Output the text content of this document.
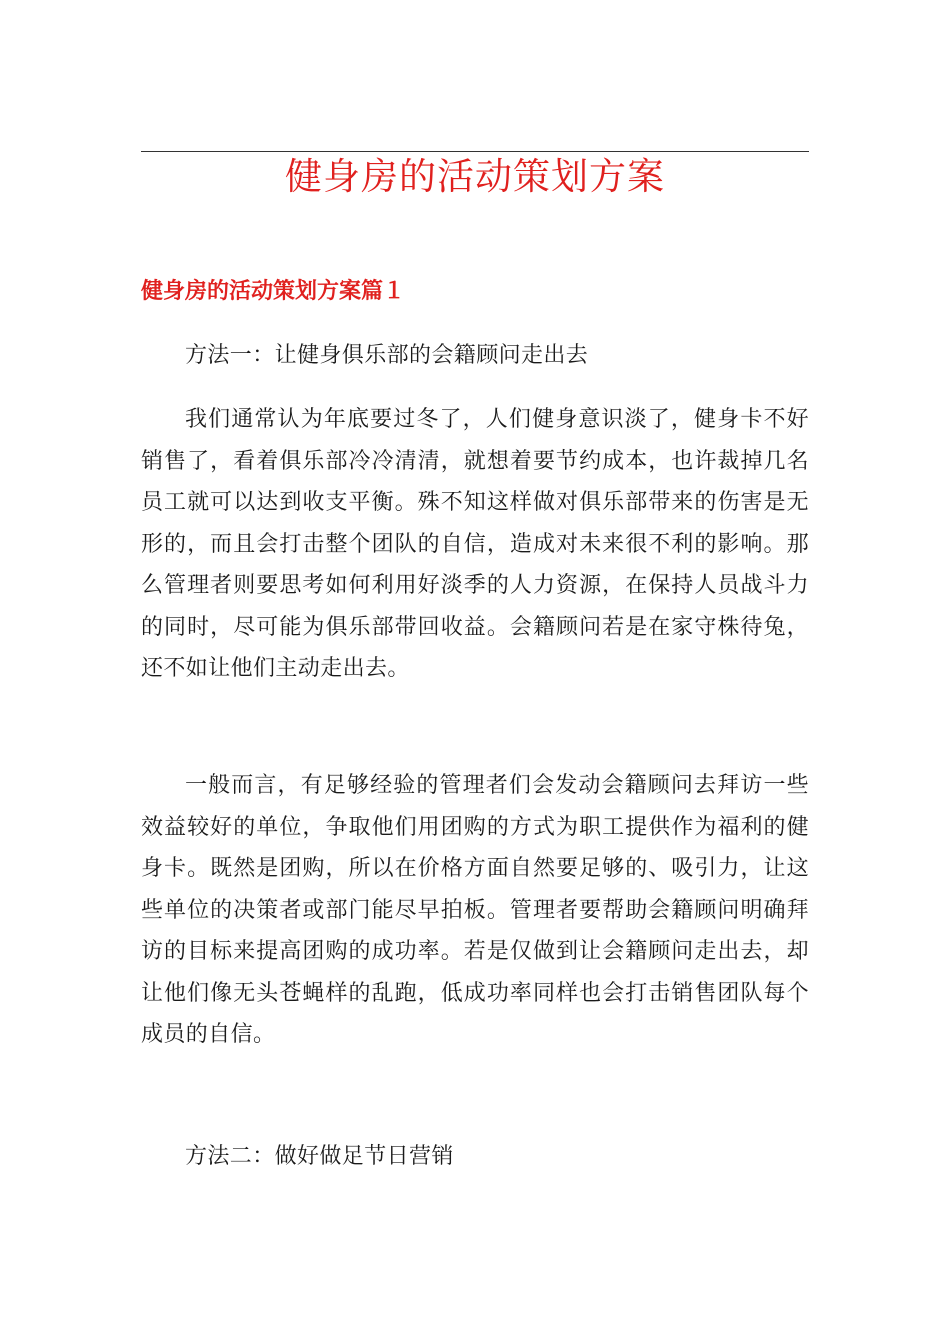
健身房的活动策划方案
健身房的活动策划方案篇１

方法一：让健身俱乐部的会籍顾问走出去

我们通常认为年底要过冬了，人们健身意识淡了，健身卡不好销售了，看着俱乐部冷冷清清，就想着要节约成本，也许裁掉几名员工就可以达到收支平衡。殊不知这样做对俱乐部带来的伤害是无形的，而且会打击整个团队的自信，造成对未来很不利的影响。那么管理者则要思考如何利用好淡季的人力资源，在保持人员战斗力的同时，尽可能为俱乐部带回收益。会籍顾问若是在家守株待兔，还不如让他们主动走出去。

一般而言，有足够经验的管理者们会发动会籍顾问去拜访一些效益较好的单位，争取他们用团购的方式为职工提供作为福利的健身卡。既然是团购，所以在价格方面自然要足够的、吸引力，让这些单位的决策者或部门能尽早拍板。管理者要帮助会籍顾问明确拜访的目标来提高团购的成功率。若是仅做到让会籍顾问走出去，却让他们像无头苍蝇样的乱跑，低成功率同样也会打击销售团队每个成员的自信。

方法二：做好做足节日营销
